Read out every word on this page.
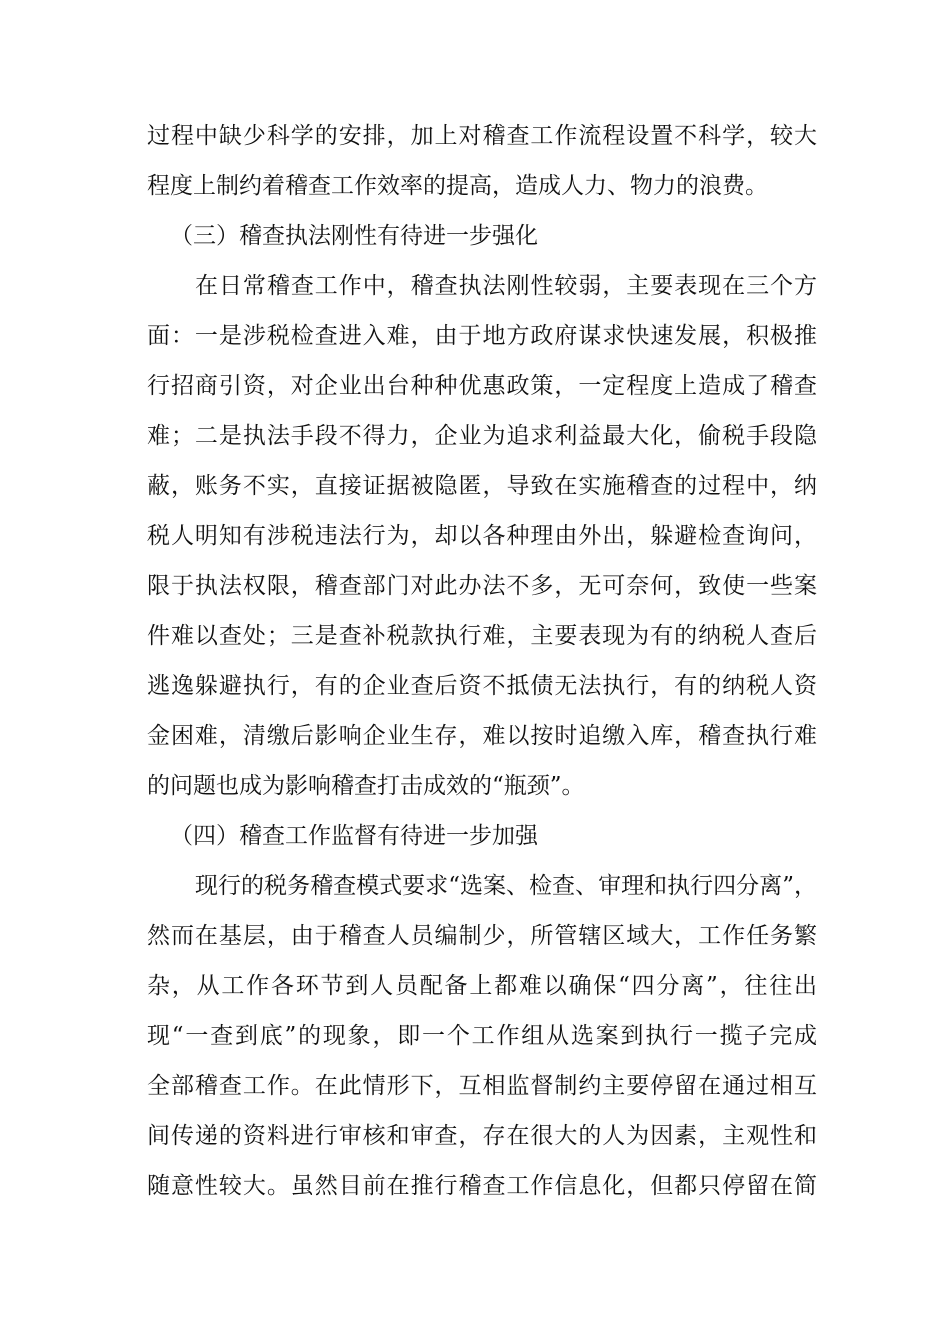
过程中缺少科学的安排，加上对稽查工作流程设置不科学，较大
程度上制约着稽查工作效率的提高，造成人力、物力的浪费。
（三）稽查执法刚性有待进一步强化
在日常稽查工作中，稽查执法刚性较弱，主要表现在三个方
面：一是涉税检查进入难，由于地方政府谋求快速发展，积极推
行招商引资，对企业出台种种优惠政策，一定程度上造成了稽查
难；二是执法手段不得力，企业为追求利益最大化，偷税手段隐
蔽，账务不实，直接证据被隐匿，导致在实施稽查的过程中，纳
税人明知有涉税违法行为，却以各种理由外出，躲避检查询问，
限于执法权限，稽查部门对此办法不多，无可奈何，致使一些案
件难以查处；三是查补税款执行难，主要表现为有的纳税人查后
逃逸躲避执行，有的企业查后资不抵债无法执行，有的纳税人资
金困难，清缴后影响企业生存，难以按时追缴入库，稽查执行难
的问题也成为影响稽查打击成效的“瓶颈”。
（四）稽查工作监督有待进一步加强
现行的税务稽查模式要求“选案、检查、审理和执行四分离”，
然而在基层，由于稽查人员编制少，所管辖区域大，工作任务繁
杂，从工作各环节到人员配备上都难以确保“四分离”，往往出
现“一查到底”的现象，即一个工作组从选案到执行一揽子完成
全部稽查工作。在此情形下，互相监督制约主要停留在通过相互
间传递的资料进行审核和审查，存在很大的人为因素，主观性和
随意性较大。虽然目前在推行稽查工作信息化，但都只停留在简
